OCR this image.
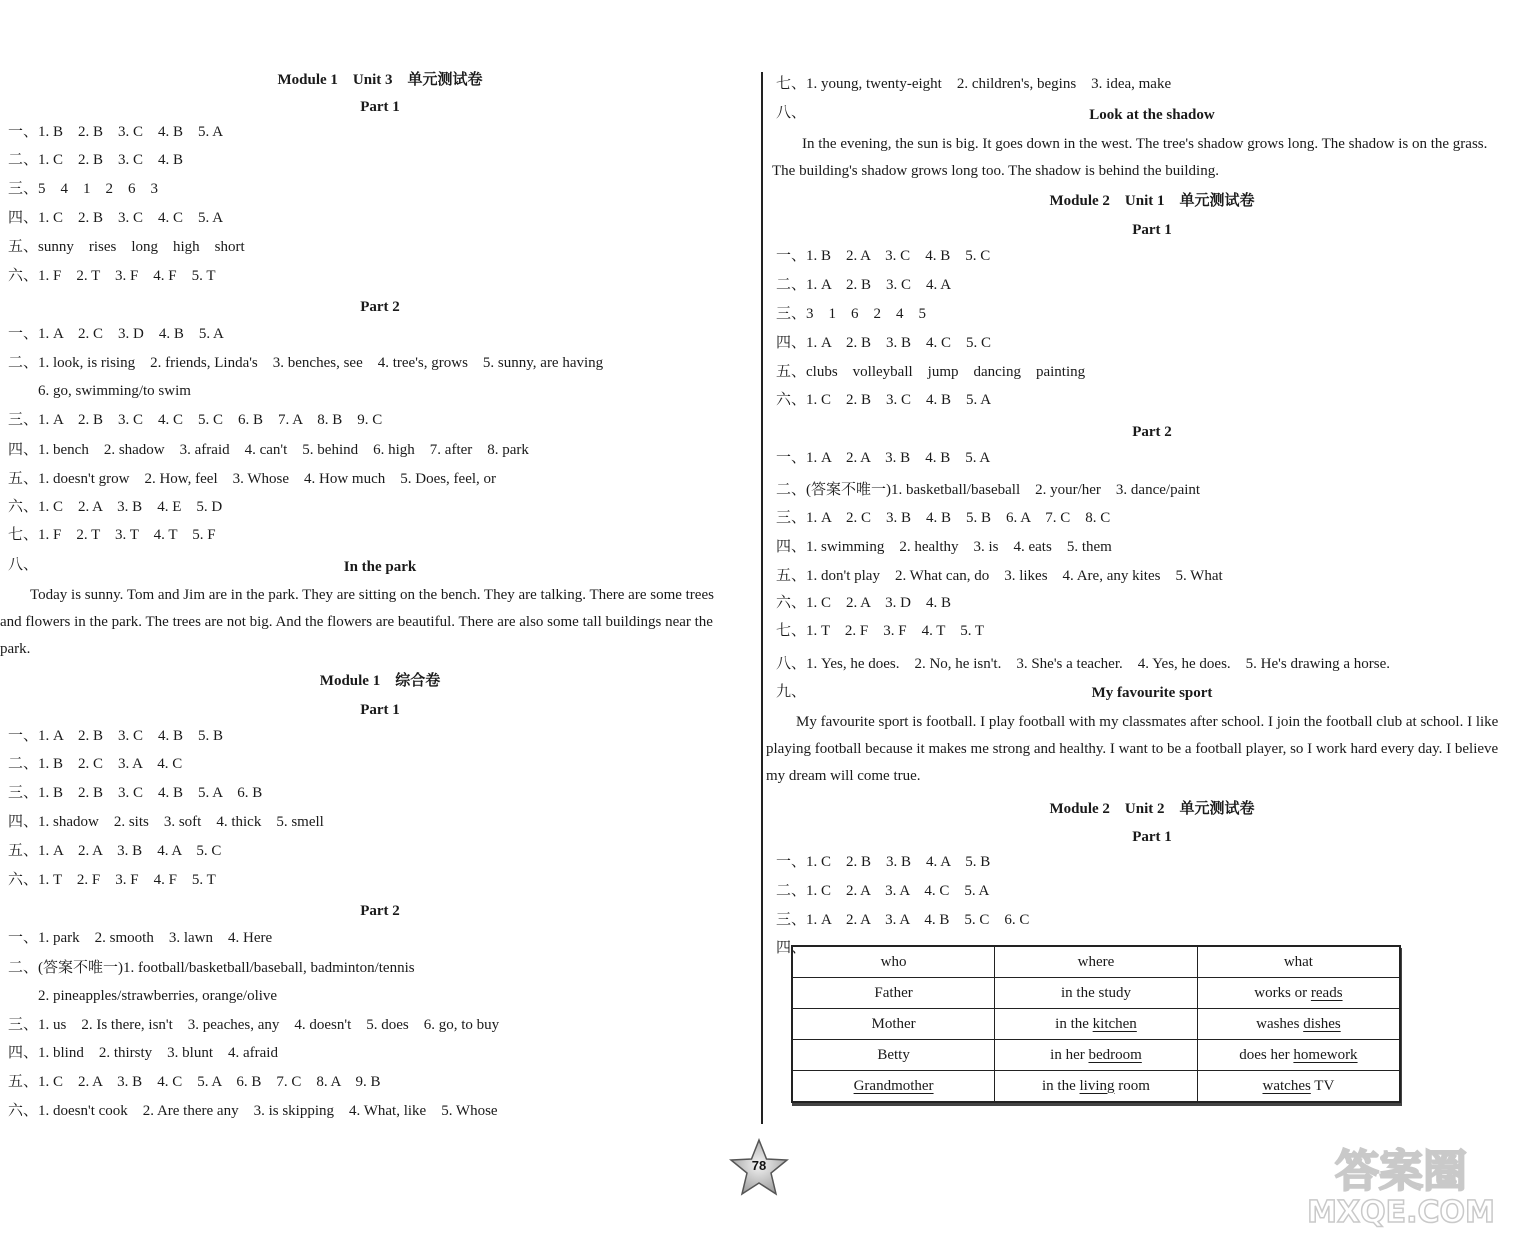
Module 1　Unit 3　单元测试卷
Part 1
一、1. B　2. B　3. C　4. B　5. A
二、1. C　2. B　3. C　4. B
三、5　4　1　2　6　3
四、1. C　2. B　3. C　4. C　5. A
五、sunny　rises　long　high　short
六、1. F　2. T　3. F　4. F　5. T
Part 2
一、1. A　2. C　3. D　4. B　5. A
二、1. look, is rising　2. friends, Linda's　3. benches, see　4. tree's, grows　5. sunny, are having
　　6. go, swimming/to swim
三、1. A　2. B　3. C　4. C　5. C　6. B　7. A　8. B　9. C
四、1. bench　2. shadow　3. afraid　4. can't　5. behind　6. high　7. after　8. park
五、1. doesn't grow　2. How, feel　3. Whose　4. How much　5. Does, feel, or
六、1. C　2. A　3. B　4. E　5. D
七、1. F　2. T　3. T　4. T　5. F
八、	In the park
Today is sunny. Tom and Jim are in the park. They are sitting on the bench. They are talking. There are some trees and flowers in the park. The trees are not big. And the flowers are beautiful. There are also some tall buildings near the park.
Module 1　综合卷
Part 1
一、1. A　2. B　3. C　4. B　5. B
二、1. B　2. C　3. A　4. C
三、1. B　2. B　3. C　4. B　5. A　6. B
四、1. shadow　2. sits　3. soft　4. thick　5. smell
五、1. A　2. A　3. B　4. A　5. C
六、1. T　2. F　3. F　4. F　5. T
Part 2
一、1. park　2. smooth　3. lawn　4. Here
二、(答案不唯一)1. football/basketball/baseball, badminton/tennis
　　2. pineapples/strawberries, orange/olive
三、1. us　2. Is there, isn't　3. peaches, any　4. doesn't　5. does　6. go, to buy
四、1. blind　2. thirsty　3. blunt　4. afraid
五、1. C　2. A　3. B　4. C　5. A　6. B　7. C　8. A　9. B
六、1. doesn't cook　2. Are there any　3. is skipping　4. What, like　5. Whose
七、1. young, twenty-eight　2. children's, begins　3. idea, make
八、	Look at the shadow
In the evening, the sun is big. It goes down in the west. The tree's shadow grows long. The shadow is on the grass. The building's shadow grows long too. The shadow is behind the building.
Module 2　Unit 1　单元测试卷
Part 1
一、1. B　2. A　3. C　4. B　5. C
二、1. A　2. B　3. C　4. A
三、3　1　6　2　4　5
四、1. A　2. B　3. B　4. C　5. C
五、clubs　volleyball　jump　dancing　painting
六、1. C　2. B　3. C　4. B　5. A
Part 2
一、1. A　2. A　3. B　4. B　5. A
二、(答案不唯一)1. basketball/baseball　2. your/her　3. dance/paint
三、1. A　2. C　3. B　4. B　5. B　6. A　7. C　8. C
四、1. swimming　2. healthy　3. is　4. eats　5. them
五、1. don't play　2. What can, do　3. likes　4. Are, any kites　5. What
六、1. C　2. A　3. D　4. B
七、1. T　2. F　3. F　4. T　5. T
八、1. Yes, he does.　2. No, he isn't.　3. She's a teacher.　4. Yes, he does.　5. He's drawing a horse.
九、	My favourite sport
My favourite sport is football. I play football with my classmates after school. I join the football club at school. I like playing football because it makes me strong and healthy. I want to be a football player, so I work hard every day. I believe my dream will come true.
Module 2　Unit 2　单元测试卷
Part 1
一、1. C　2. B　3. B　4. A　5. B
二、1. C　2. A　3. A　4. C　5. A
三、1. A　2. A　3. A　4. B　5. C　6. C
四、
who	where	what
Father	in the study	works or reads
Mother	in the kitchen	washes dishes
Betty	in her bedroom	does her homework
Grandmother	in the living room	watches TV
78	答案圈
MXQE.COM
